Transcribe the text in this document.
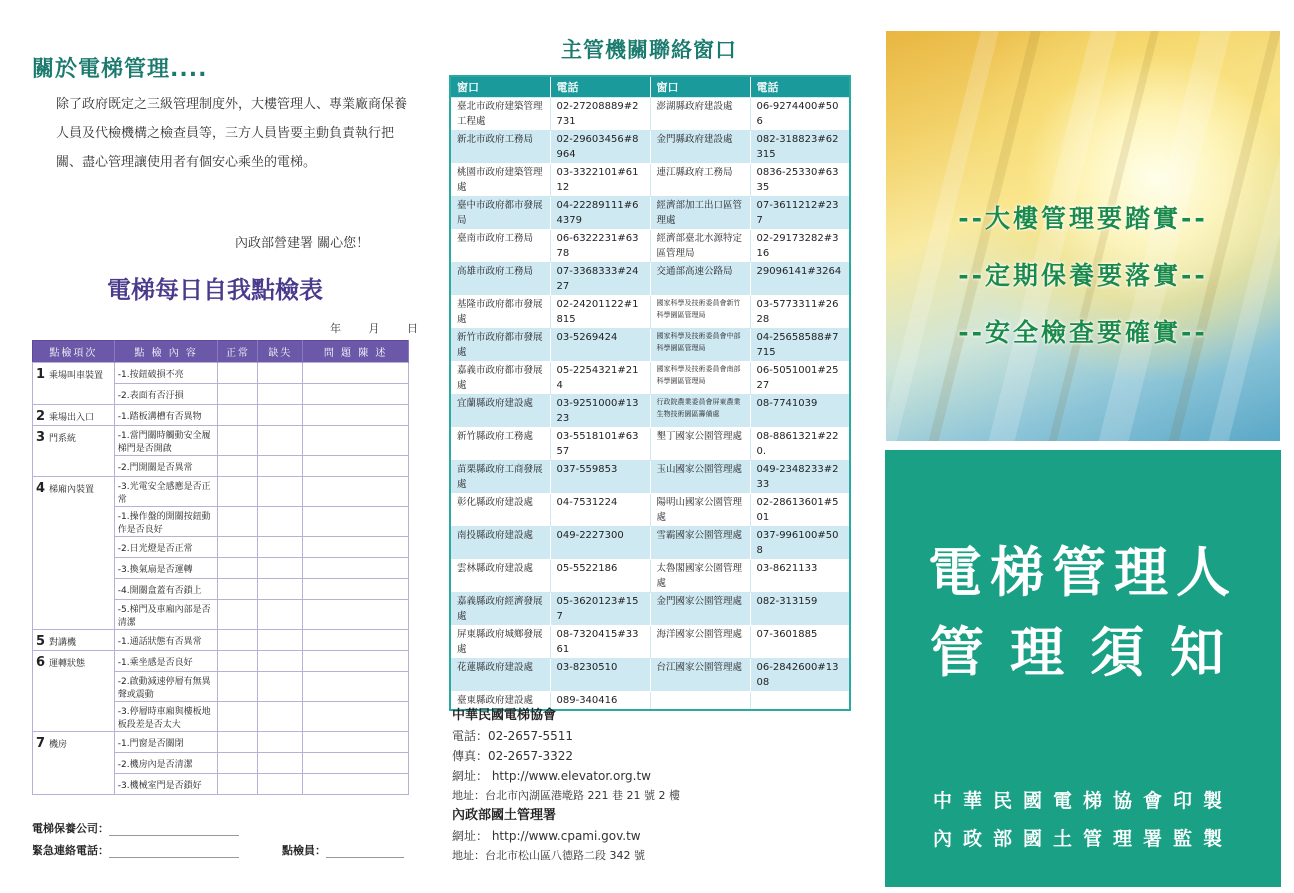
關於電梯管理....
除了政府既定之三級管理制度外，大樓管理人、專業廠商保養人員及代檢機構之檢查員等，三方人員皆要主動負責執行把關、盡心管理讓使用者有個安心乘坐的電梯。
內政部營建署 關心您！
電梯每日自我點檢表
年	月	日
點檢項次	點 檢 內 容	正常	缺失	問 題 陳 述
1 乘場叫車裝置	-1.按鈕破損不亮			
	-2.表面有否汙損			
2 乘場出入口	-1.踏板溝槽有否異物			
3 門系統	-1.當門關時觸動安全履梯門是否開啟			
	-2.門開關是否異常			
4 梯廂內裝置	-3.光電安全感應是否正常			
	-1.操作盤的開關按鈕動作是否良好			
	-2.日光燈是否正常			
	-3.換氣扇是否運轉			
	-4.開關盒蓋有否鎖上			
	-5.梯門及車廂內部是否清潔			
5 對講機	-1.通話狀態有否異常			
6 運轉狀態	-1.乘坐感是否良好			
	-2.啟動減速停層有無異聲或震動			
	-3.停層時車廂與樓板地板段差是否太大			
7 機房	-1.門窗是否關閉			
	-2.機房內是否清潔			
	-3.機械室門是否鎖好			
電梯保養公司：
緊急連絡電話：	點檢員：
主管機關聯絡窗口
窗口	電話	窗口	電話
臺北市政府建築管理工程處	02-27208889#2731	澎湖縣政府建設處	06-9274400#506
新北市政府工務局	02-29603456#8964	金門縣政府建設處	082-318823#62315
桃園市政府建築管理處	03-3322101#6112	連江縣政府工務局	0836-25330#6335
臺中市政府都市發展局	04-22289111#64379	經濟部加工出口區管理處	07-3611212#237
臺南市政府工務局	06-6322231#6378	經濟部臺北水源特定區管理局	02-29173282#316
高雄市政府工務局	07-3368333#2427	交通部高速公路局	29096141#3264
基隆市政府都市發展處	02-24201122#1815	國家科學及技術委員會新竹科學園區管理局	03-5773311#2628
新竹市政府都市發展處	03-5269424	國家科學及技術委員會中部科學園區管理局	04-25658588#7715
嘉義市政府都市發展處	05-2254321#214	國家科學及技術委員會南部科學園區管理局	06-5051001#2527
宜蘭縣政府建設處	03-9251000#1323	行政院農業委員會屏東農業生物技術園區籌備處	08-7741039
新竹縣政府工務處	03-5518101#6357	墾丁國家公園管理處	08-8861321#220.
苗栗縣政府工商發展處	037-559853	玉山國家公園管理處	049-2348233#233
彰化縣政府建設處	04-7531224	陽明山國家公園管理處	02-28613601#501
南投縣政府建設處	049-2227300	雪霸國家公園管理處	037-996100#508
雲林縣政府建設處	05-5522186	太魯閣國家公園管理處	03-8621133
嘉義縣政府經濟發展處	05-3620123#157	金門國家公園管理處	082-313159
屏東縣政府城鄉發展處	08-7320415#3361	海洋國家公園管理處	07-3601885
花蓮縣政府建設處	03-8230510	台江國家公園管理處	06-2842600#1308
臺東縣政府建設處	089-340416		
中華民國電梯協會
電話：02-2657-5511
傳真：02-2657-3322
網址： http://www.elevator.org.tw
地址：台北市內湖區港墘路 221 巷 21 號 2 樓
內政部國土管理署
網址： http://www.cpami.gov.tw
地址：台北市松山區八德路二段 342 號
--大樓管理要踏實--
--定期保養要落實--
--安全檢查要確實--
電梯管理人
管理須知
中華民國電梯協會印製
內政部國土管理署監製
